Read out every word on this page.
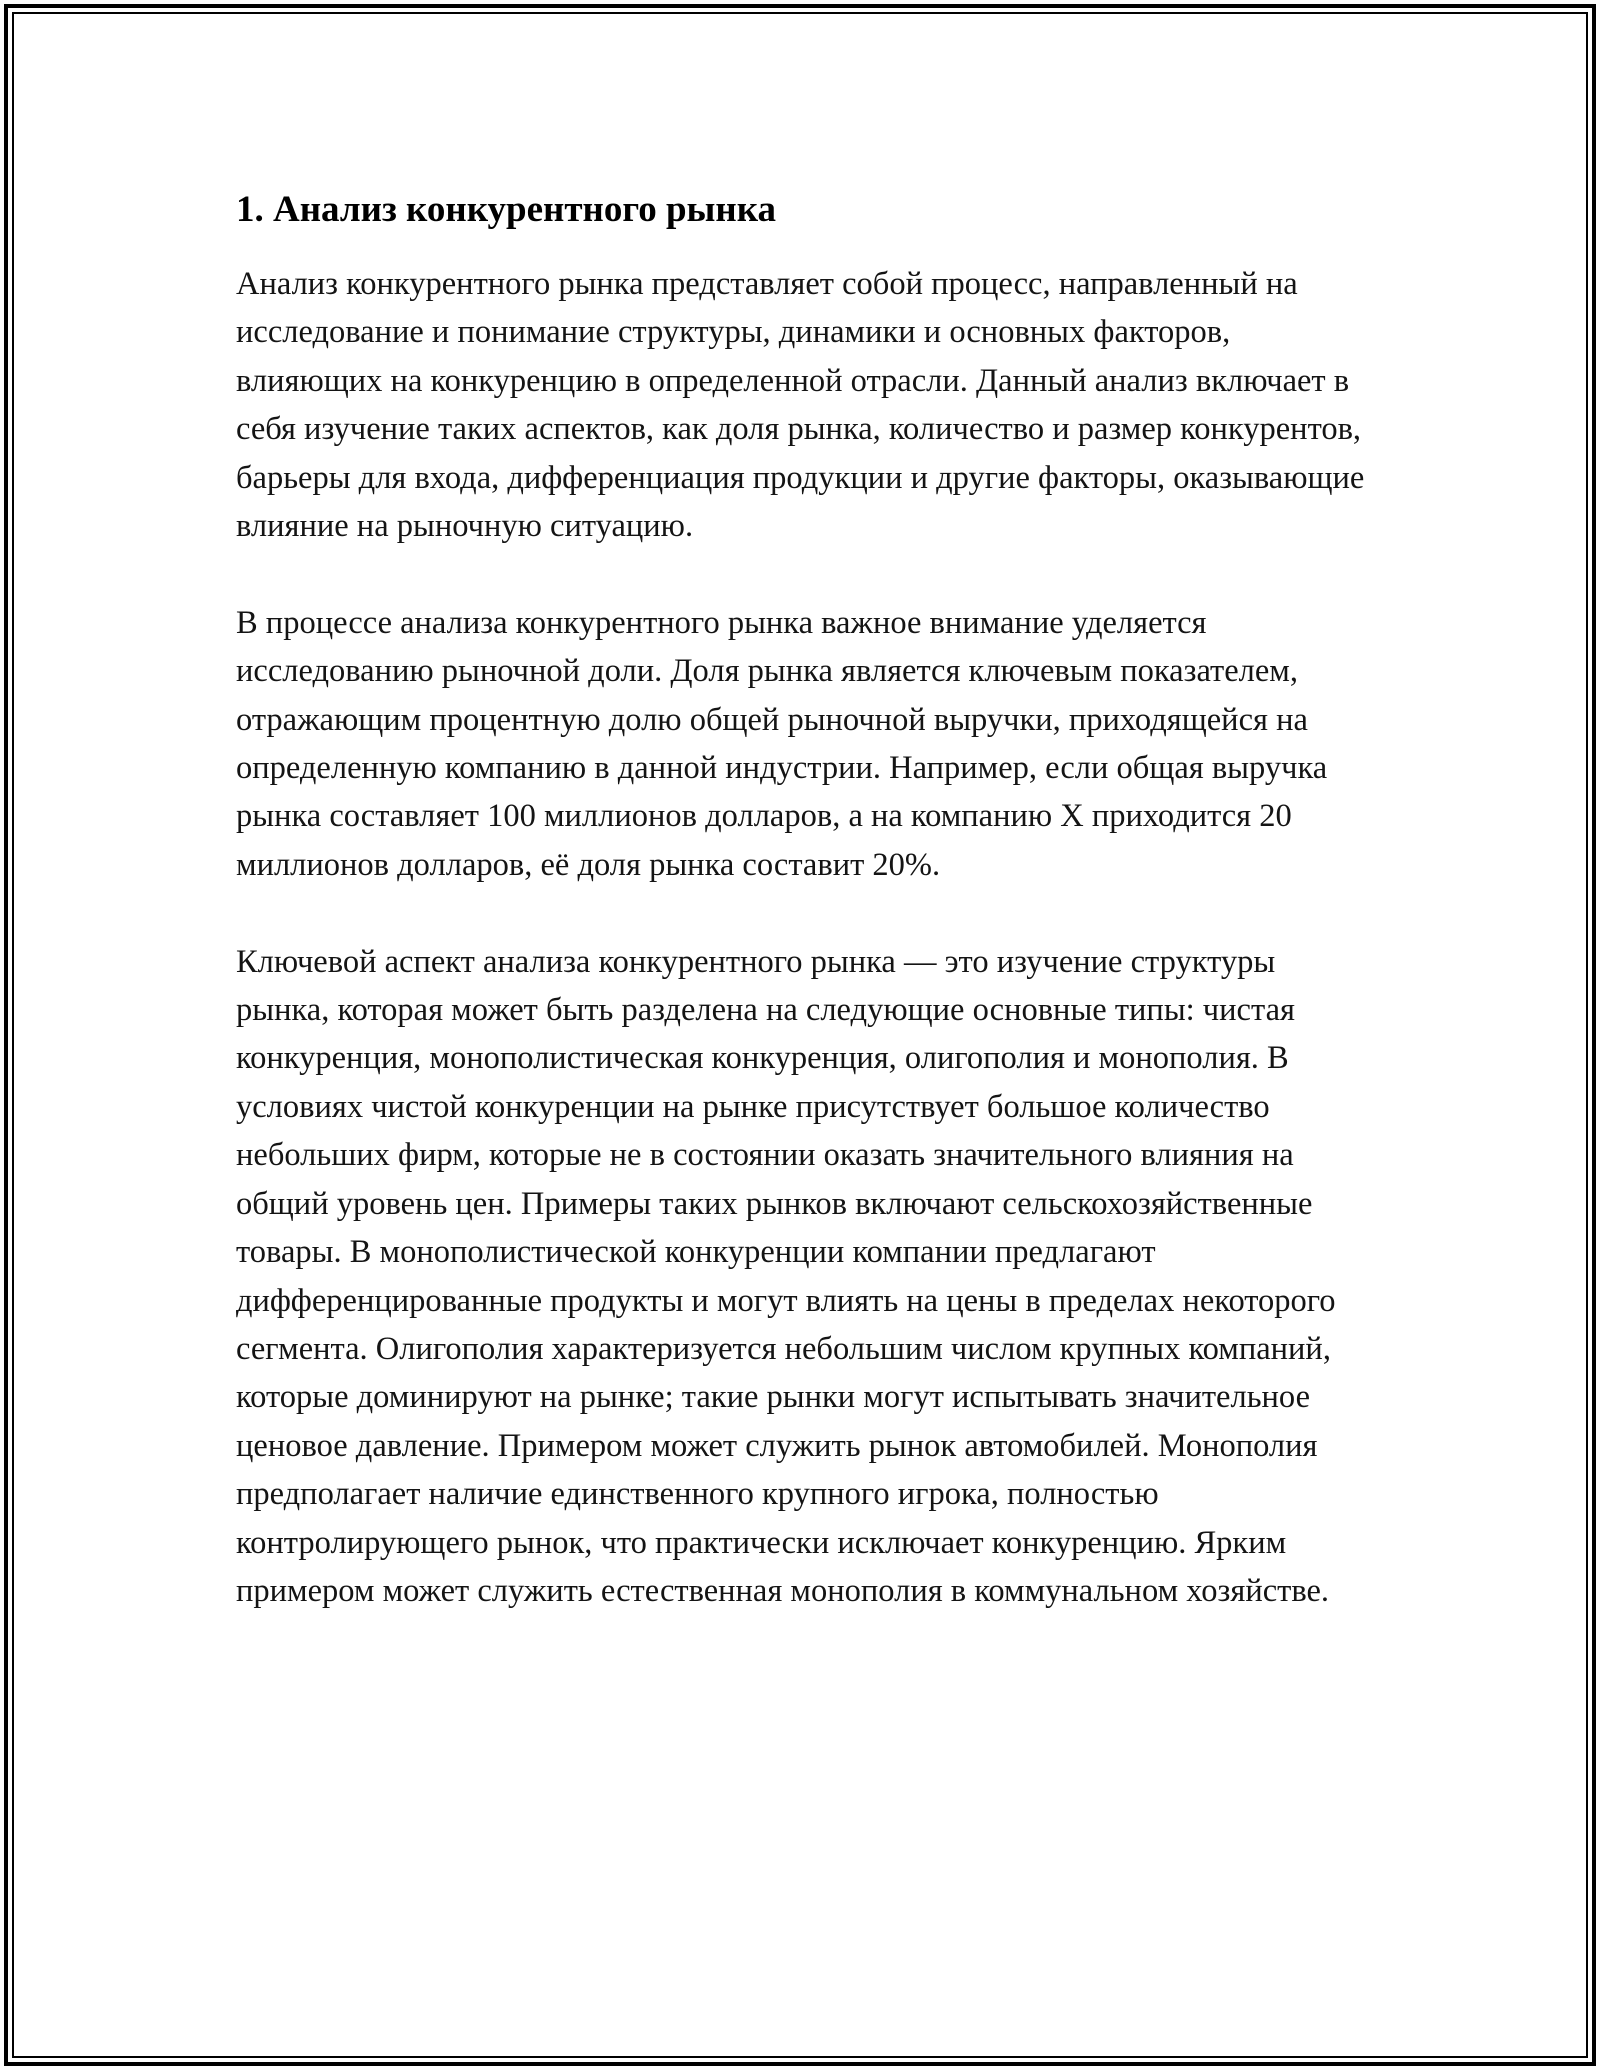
1. Анализ конкурентного рынка

Анализ конкурентного рынка представляет собой процесс, направленный на исследование и понимание структуры, динамики и основных факторов, влияющих на конкуренцию в определенной отрасли. Данный анализ включает в себя изучение таких аспектов, как доля рынка, количество и размер конкурентов, барьеры для входа, дифференциация продукции и другие факторы, оказывающие влияние на рыночную ситуацию.

В процессе анализа конкурентного рынка важное внимание уделяется исследованию рыночной доли. Доля рынка является ключевым показателем, отражающим процентную долю общей рыночной выручки, приходящейся на определенную компанию в данной индустрии. Например, если общая выручка рынка составляет 100 миллионов долларов, а на компанию X приходится 20 миллионов долларов, её доля рынка составит 20%.

Ключевой аспект анализа конкурентного рынка — это изучение структуры рынка, которая может быть разделена на следующие основные типы: чистая конкуренция, монополистическая конкуренция, олигополия и монополия. В условиях чистой конкуренции на рынке присутствует большое количество небольших фирм, которые не в состоянии оказать значительного влияния на общий уровень цен. Примеры таких рынков включают сельскохозяйственные товары. В монополистической конкуренции компании предлагают дифференцированные продукты и могут влиять на цены в пределах некоторого сегмента. Олигополия характеризуется небольшим числом крупных компаний, которые доминируют на рынке; такие рынки могут испытывать значительное ценовое давление. Примером может служить рынок автомобилей. Монополия предполагает наличие единственного крупного игрока, полностью контролирующего рынок, что практически исключает конкуренцию. Ярким примером может служить естественная монополия в коммунальном хозяйстве.
